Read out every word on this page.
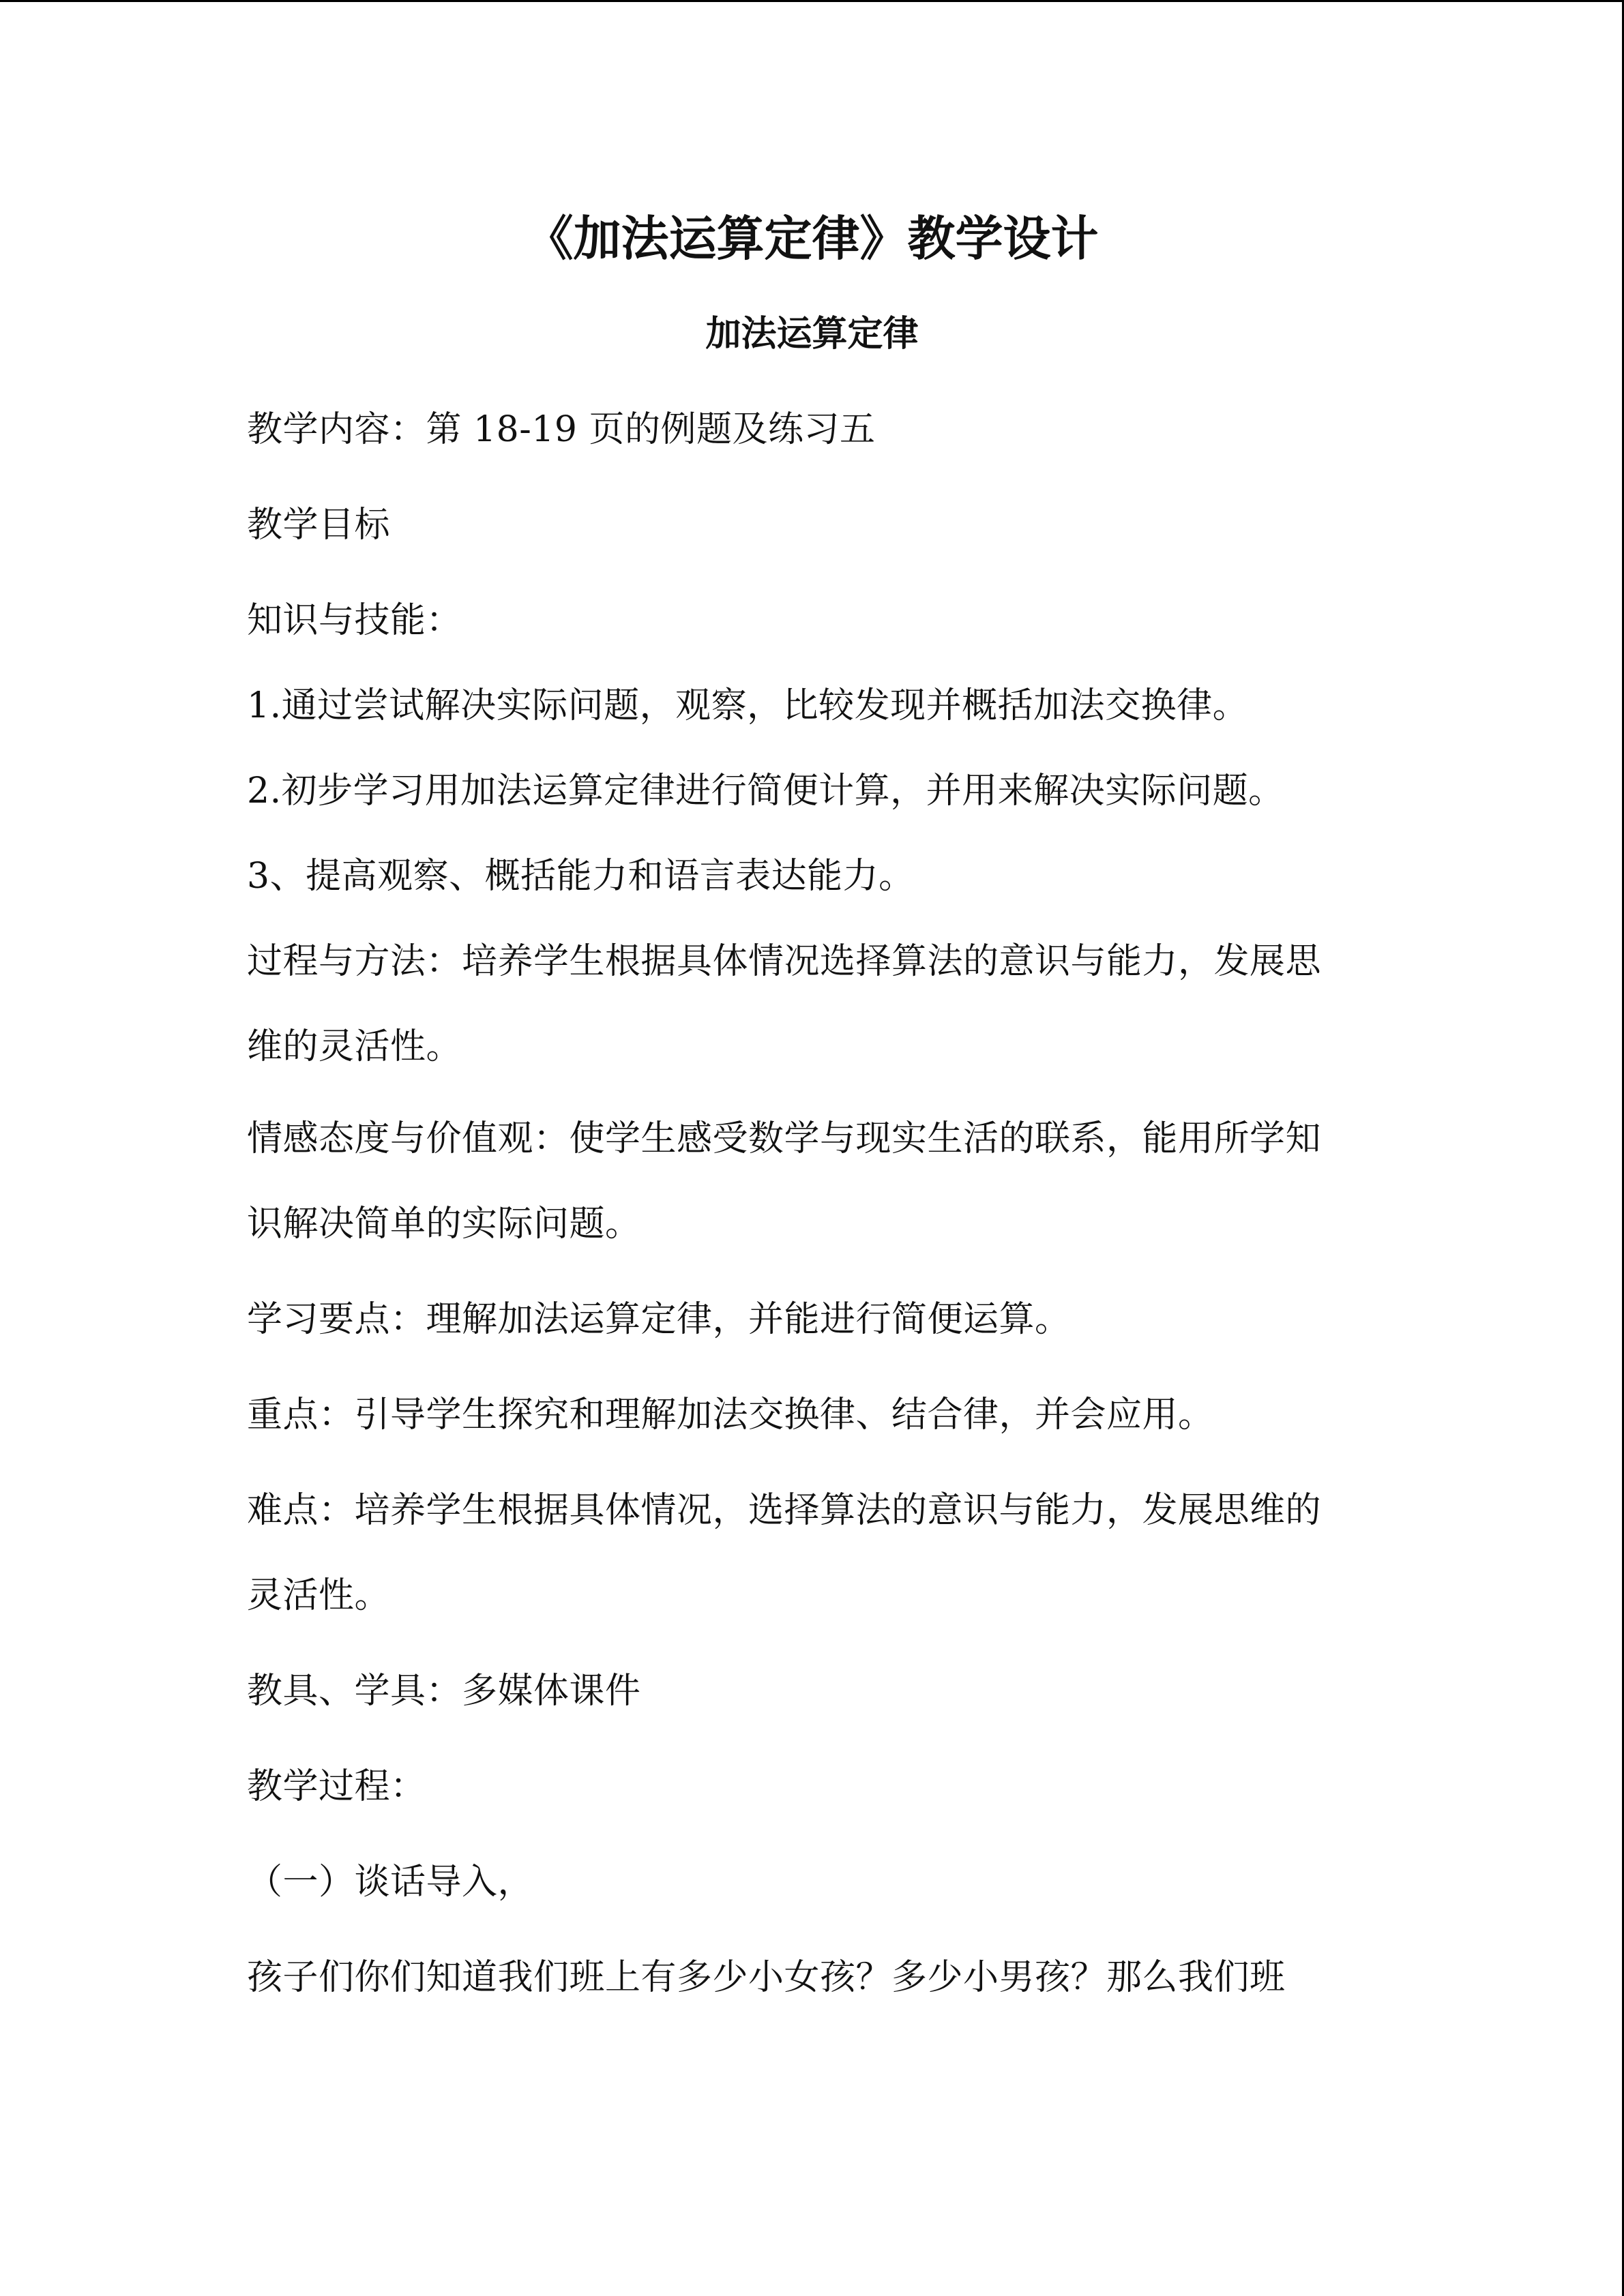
《加法运算定律》教学设计
加法运算定律
教学内容：第 18-19 页的例题及练习五
教学目标
知识与技能：
1.通过尝试解决实际问题，观察，比较发现并概括加法交换律。
2.初步学习用加法运算定律进行简便计算，并用来解决实际问题。
3、提高观察、概括能力和语言表达能力。
过程与方法：培养学生根据具体情况选择算法的意识与能力，发展思
维的灵活性。
情感态度与价值观：使学生感受数学与现实生活的联系，能用所学知
识解决简单的实际问题。
学习要点：理解加法运算定律，并能进行简便运算。
重点：引导学生探究和理解加法交换律、结合律，并会应用。
难点：培养学生根据具体情况，选择算法的意识与能力，发展思维的
灵活性。
教具、学具：多媒体课件
教学过程：
（一）谈话导入，
孩子们你们知道我们班上有多少小女孩？多少小男孩？那么我们班
